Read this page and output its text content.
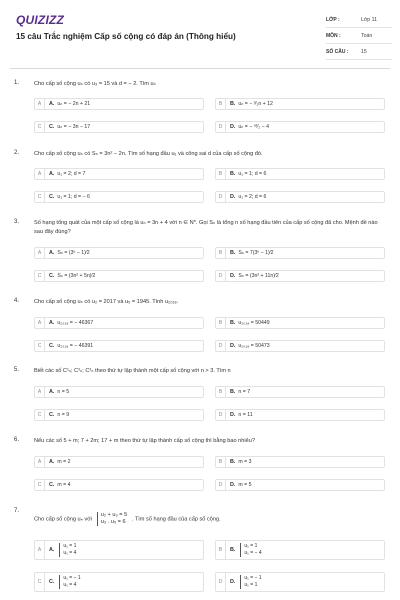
QUIZIZZ
15 câu Trắc nghiệm Cấp số cộng có đáp án (Thông hiểu)
LỚP :	Lớp 11
MÔN :	Toán
SỐ CÂU :	15
1.	Cho cấp số cộng uₙ có u₃ = 15 và d = − 2. Tìm uₙ
A	A. uₙ = − 2n + 21	B	B. uₙ = − ³⁄₂n + 12
C	C. uₙ = − 3n − 17	D	D. uₙ = − ⁿ²⁄₂ − 4
2.	Cho cấp số cộng uₙ có Sₙ = 3n² − 2n. Tìm số hạng đầu u₁ và công sai d của cấp số cộng đó.
A	A. u₁ = 2; d = 7	B	B. u₁ = 1; d = 6
C	C. u₁ = 1; d = − 6	D	D. u₁ = 2; d = 6
3.	Số hạng tổng quát của một cấp số cộng là uₙ = 3n + 4 với n ∈ N*. Gọi Sₙ là tổng n số hạng đầu tiên của cấp số cộng đã cho. Mệnh đề nào sau đây đúng?
A	A. Sₙ = (3ⁿ − 1)⁄2	B	B. Sₙ = 7(3ⁿ − 1)⁄2
C	C. Sₙ = (3n² + 5n)⁄2	D	D. Sₙ = (3n² + 11n)⁄2
4.	Cho cấp số cộng uₙ có u₂ = 2017 và u₅ = 1945. Tính u₂₀₁₈.
A	A. u₂₀₁₈ = − 46367	B	B. u₂₀₁₈ = 50449
C	C. u₂₀₁₈ = − 46391	D	D. u₂₀₁₈ = 50473
5.	Biết các số C¹ₙ; C²ₙ; C³ₙ theo thứ tự lập thành một cấp số cộng với n > 3. Tìm n
A	A. n = 5	B	B. n = 7
C	C. n = 9	D	D. n = 11
6.	Nếu các số 5 + m; 7 + 2m; 17 + m theo thứ tự lập thành cấp số cộng thì bằng bao nhiêu?
A	A. m = 2	B	B. m = 3
C	C. m = 4	D	D. m = 5
7.
Cho cấp số cộng uₙ với
u₂ + u₃ = 5
u₃ . u₅ = 6 . Tìm số hạng đầu của cấp số cộng.
A	A.
u₁ = 1
u₁ = 4	B	B.
u₁ = 1
u₁ = − 4
C	C.
u₁ = − 1
u₁ = 4	D	D.
u₁ = − 1
u₁ = 1
